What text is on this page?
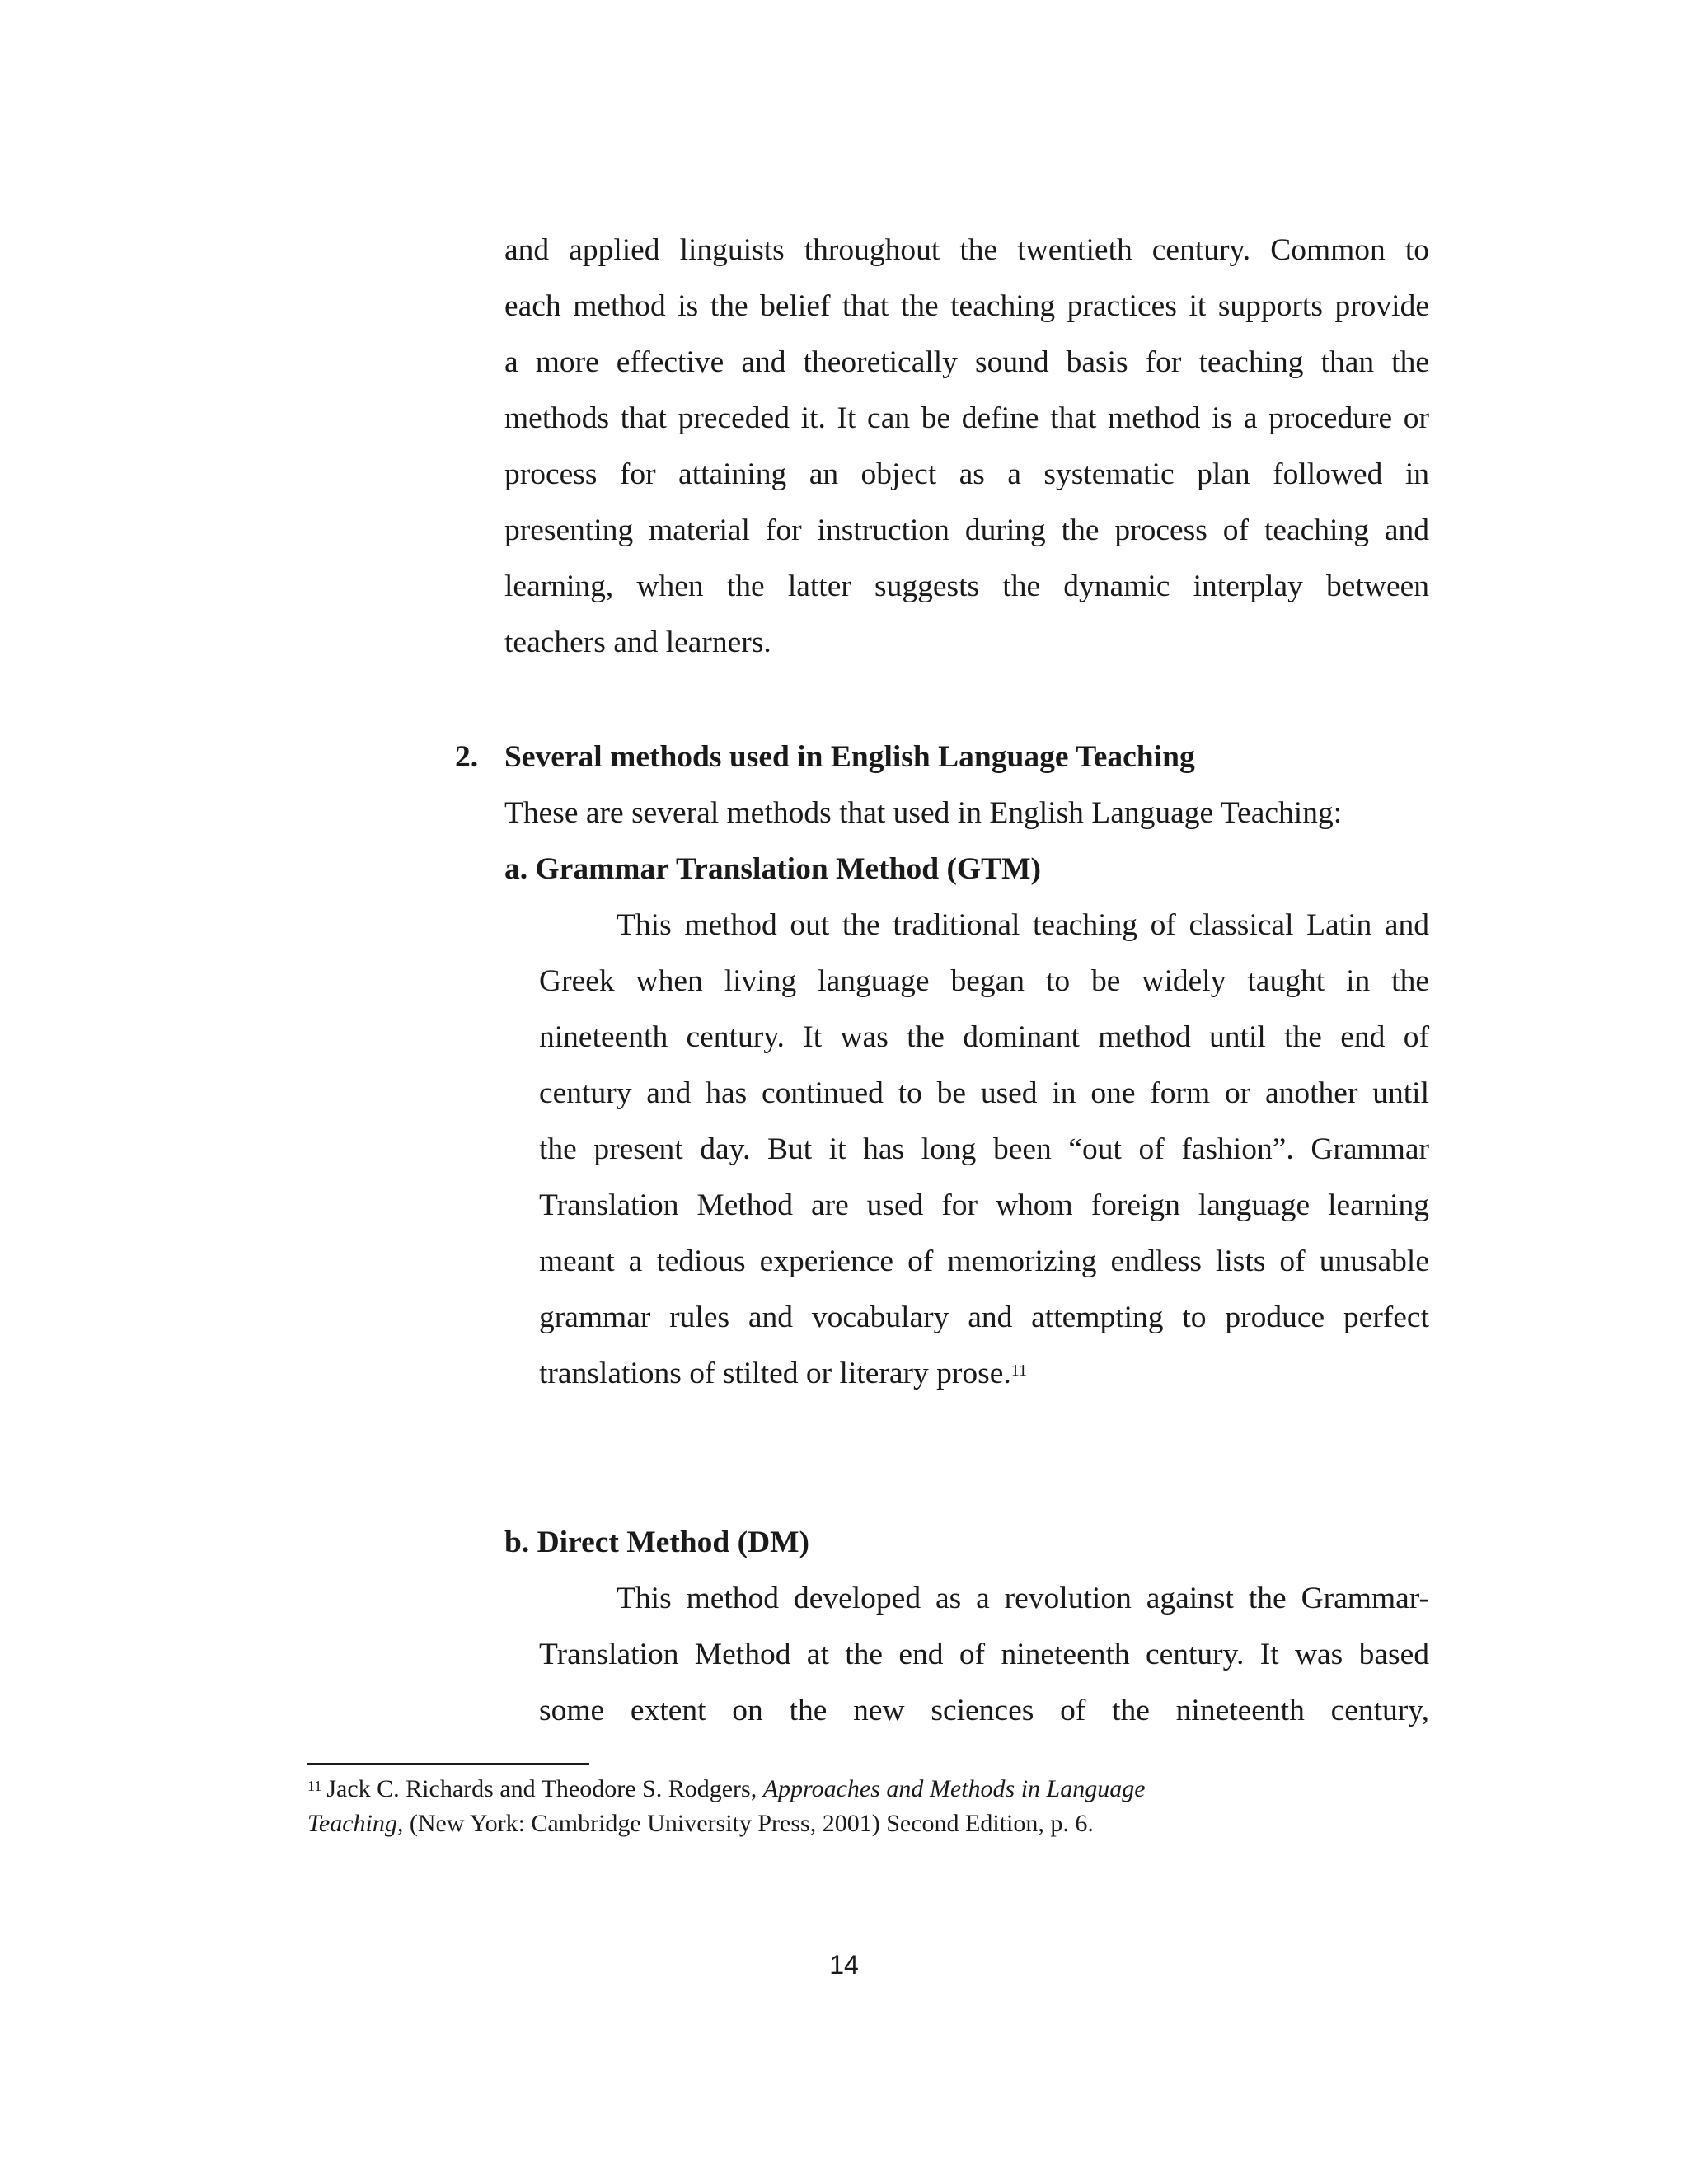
and applied linguists throughout the twentieth century. Common to
each method is the belief that the teaching practices it supports provide
a more effective and theoretically sound basis for teaching than the
methods that preceded it. It can be define that method is a procedure or
process for attaining an object as a systematic plan followed in
presenting material for instruction during the process of teaching and
learning, when the latter suggests the dynamic interplay between
teachers and learners.
2. Several methods used in English Language Teaching
These are several methods that used in English Language Teaching:
a. Grammar Translation Method (GTM)
This method out the traditional teaching of classical Latin and
Greek when living language began to be widely taught in the
nineteenth century. It was the dominant method until the end of
century and has continued to be used in one form or another until
the present day. But it has long been “out of fashion”. Grammar
Translation Method are used for whom foreign language learning
meant a tedious experience of memorizing endless lists of unusable
grammar rules and vocabulary and attempting to produce perfect
translations of stilted or literary prose.$^{11}$
b. Direct Method (DM)
This method developed as a revolution against the Grammar-
Translation Method at the end of nineteenth century. It was based
some extent on the new sciences of the nineteenth century,
$^{11}$ Jack C. Richards and Theodore S. Rodgers, Approaches and Methods in Language
Teaching, (New York: Cambridge University Press, 2001) Second Edition, p. 6.
14
